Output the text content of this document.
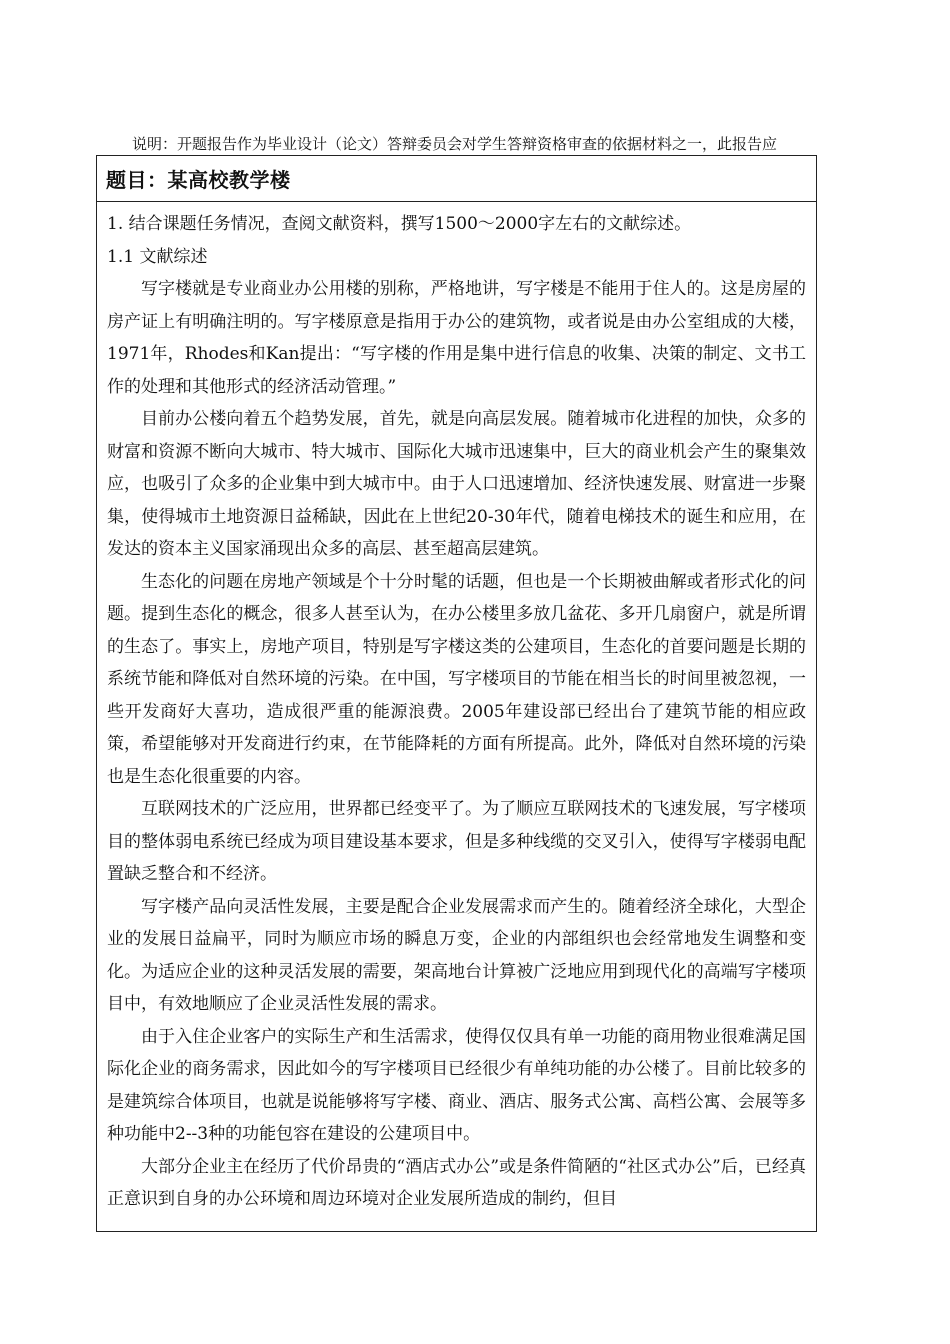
说明：开题报告作为毕业设计（论文）答辩委员会对学生答辩资格审查的依据材料之一，此报告应
题目：某高校教学楼

1. 结合课题任务情况，查阅文献资料，撰写1500～2000字左右的文献综述。

1.1 文献综述

写字楼就是专业商业办公用楼的别称，严格地讲，写字楼是不能用于住人的。这是房屋的房产证上有明确注明的。写字楼原意是指用于办公的建筑物，或者说是由办公室组成的大楼，1971年，Rhodes和Kan提出：“写字楼的作用是集中进行信息的收集、决策的制定、文书工作的处理和其他形式的经济活动管理。”

目前办公楼向着五个趋势发展，首先，就是向高层发展。随着城市化进程的加快，众多的财富和资源不断向大城市、特大城市、国际化大城市迅速集中，巨大的商业机会产生的聚集效应，也吸引了众多的企业集中到大城市中。由于人口迅速增加、经济快速发展、财富进一步聚集，使得城市土地资源日益稀缺，因此在上世纪20-30年代，随着电梯技术的诞生和应用，在发达的资本主义国家涌现出众多的高层、甚至超高层建筑。

生态化的问题在房地产领域是个十分时髦的话题，但也是一个长期被曲解或者形式化的问题。提到生态化的概念，很多人甚至认为，在办公楼里多放几盆花、多开几扇窗户，就是所谓的生态了。事实上，房地产项目，特别是写字楼这类的公建项目，生态化的首要问题是长期的系统节能和降低对自然环境的污染。在中国，写字楼项目的节能在相当长的时间里被忽视，一些开发商好大喜功，造成很严重的能源浪费。2005年建设部已经出台了建筑节能的相应政策，希望能够对开发商进行约束，在节能降耗的方面有所提高。此外，降低对自然环境的污染也是生态化很重要的内容。

互联网技术的广泛应用，世界都已经变平了。为了顺应互联网技术的飞速发展，写字楼项目的整体弱电系统已经成为项目建设基本要求，但是多种线缆的交叉引入，使得写字楼弱电配置缺乏整合和不经济。

写字楼产品向灵活性发展，主要是配合企业发展需求而产生的。随着经济全球化，大型企业的发展日益扁平，同时为顺应市场的瞬息万变，企业的内部组织也会经常地发生调整和变化。为适应企业的这种灵活发展的需要，架高地台计算被广泛地应用到现代化的高端写字楼项目中，有效地顺应了企业灵活性发展的需求。

由于入住企业客户的实际生产和生活需求，使得仅仅具有单一功能的商用物业很难满足国际化企业的商务需求，因此如今的写字楼项目已经很少有单纯功能的办公楼了。目前比较多的是建筑综合体项目，也就是说能够将写字楼、商业、酒店、服务式公寓、高档公寓、会展等多种功能中2--3种的功能包容在建设的公建项目中。

大部分企业主在经历了代价昂贵的“酒店式办公”或是条件简陋的“社区式办公”后，已经真正意识到自身的办公环境和周边环境对企业发展所造成的制约，但目
